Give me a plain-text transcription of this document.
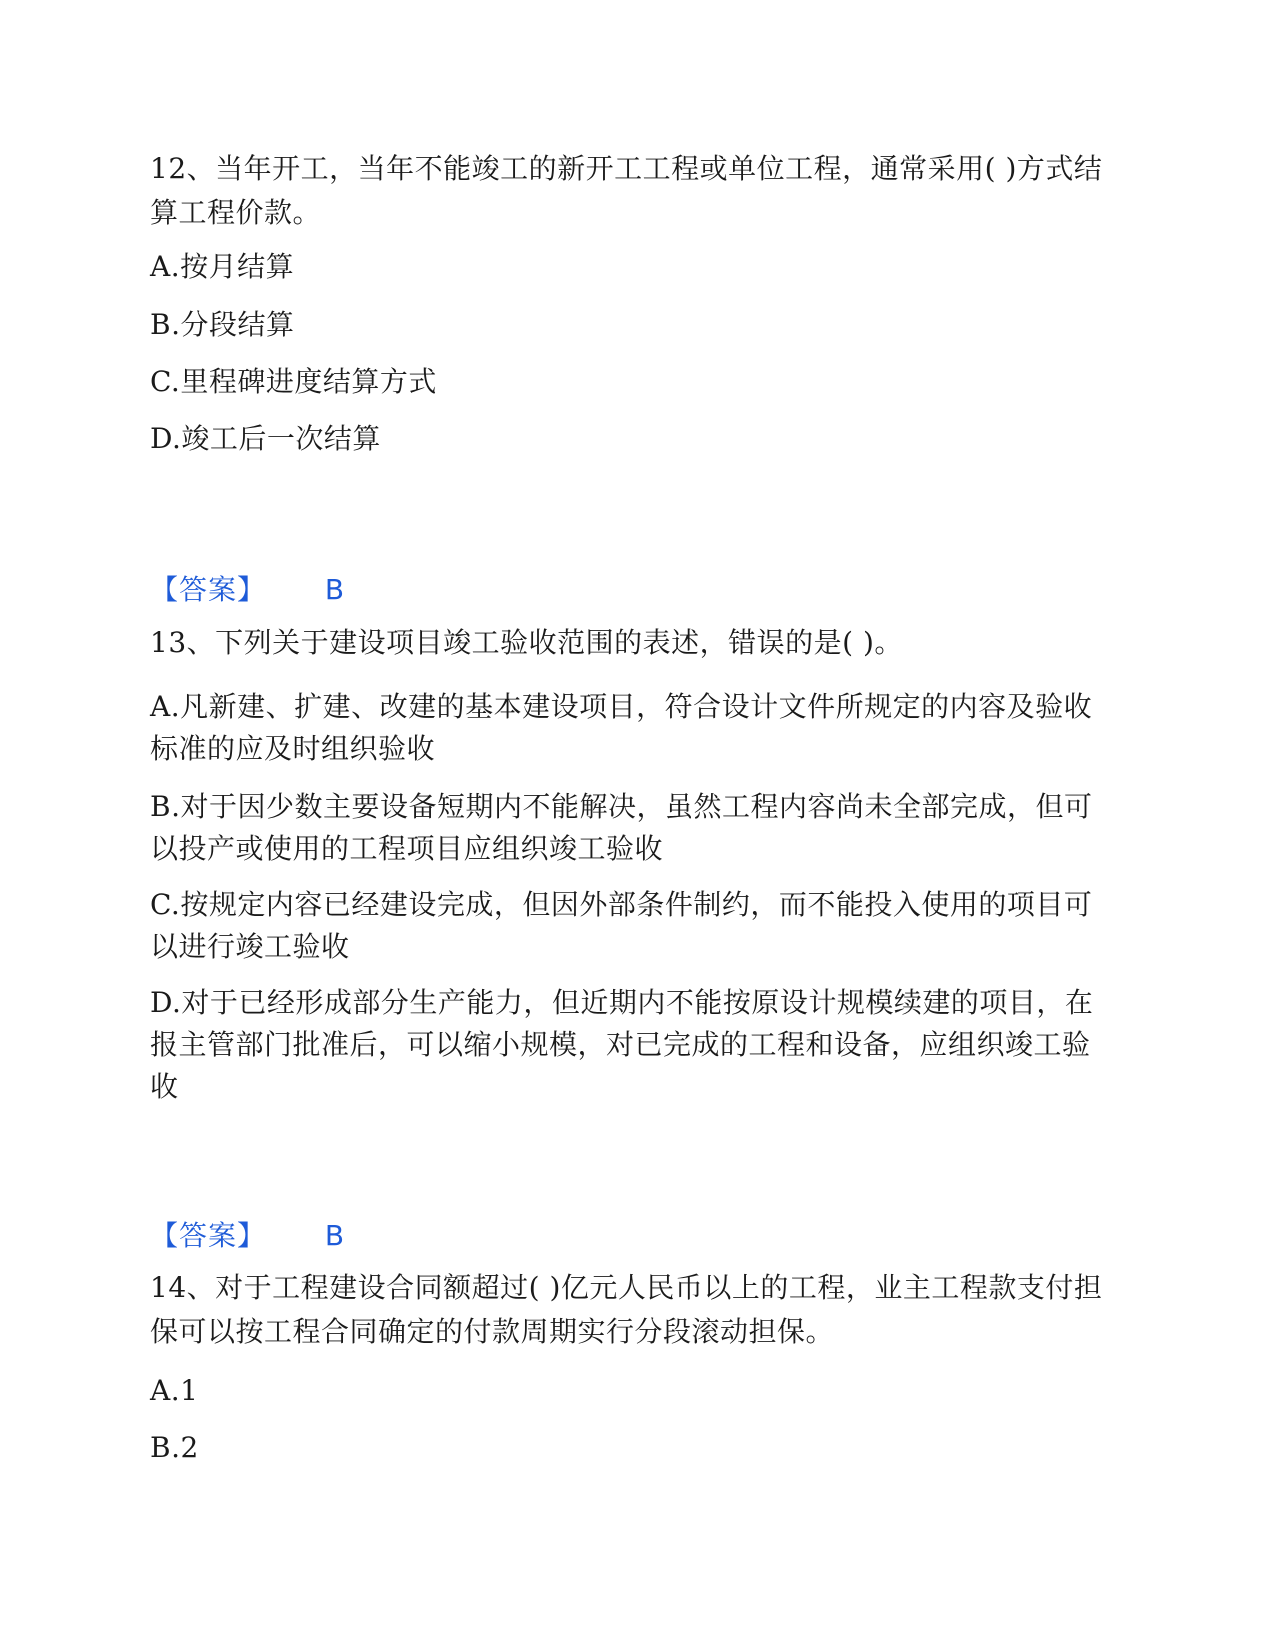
12、当年开工，当年不能竣工的新开工工程或单位工程，通常采用( )方式结算工程价款。

A.按月结算

B.分段结算

C.里程碑进度结算方式

D.竣工后一次结算

【答案】 B

13、下列关于建设项目竣工验收范围的表述，错误的是( )。

A.凡新建、扩建、改建的基本建设项目，符合设计文件所规定的内容及验收标准的应及时组织验收

B.对于因少数主要设备短期内不能解决，虽然工程内容尚未全部完成，但可以投产或使用的工程项目应组织竣工验收

C.按规定内容已经建设完成，但因外部条件制约，而不能投入使用的项目可以进行竣工验收

D.对于已经形成部分生产能力，但近期内不能按原设计规模续建的项目，在报主管部门批准后，可以缩小规模，对已完成的工程和设备，应组织竣工验收

【答案】 B

14、对于工程建设合同额超过( )亿元人民币以上的工程，业主工程款支付担保可以按工程合同确定的付款周期实行分段滚动担保。

A.1

B.2
